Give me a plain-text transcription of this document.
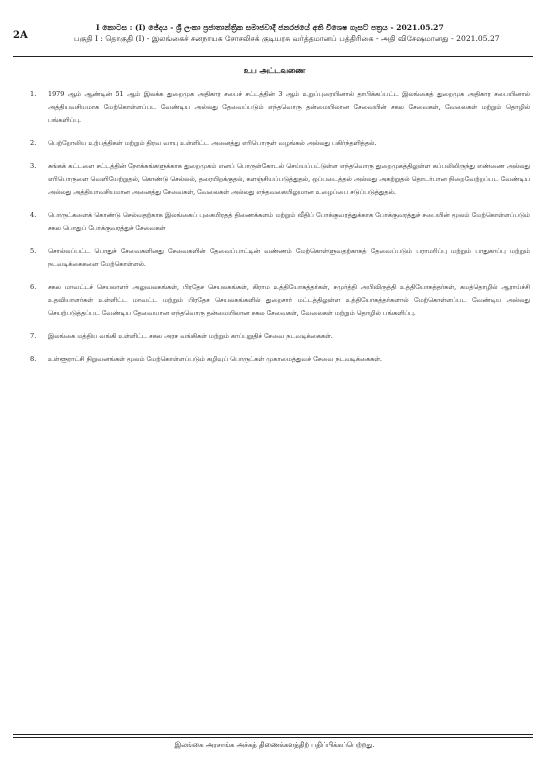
2A
I කොටස : (I) ඡේදය - ශ්‍රී ලංකා ප්‍රජාතාන්ත්‍රික සමාජවාදී ජනරජයේ අති විශෙෂ ගැසට් පත්‍රය - 2021.05.27
பகுதி I : தொகுதி (I) - இலங்கைச் சனநாயக சோசலிசக் குடியரசு வர்த்தமானப் பத்திரிகை - அதி விசேஷமானது - 2021.05.27
உப அட்டவணை
1. 1979 ஆம் ஆண்டின் 51 ஆம் இலக்க துறைமுக அதிகார சபைச் சட்டத்தின் 3 ஆம் உறுப்புரையினால் தாபிக்கப்பட்ட இலங்கைத் துறைமுக அதிகார சபையினால் அத்தியவசியமாக மேற்கொள்ளப்பட வேண்டிய அல்லது தேவைப்படும் எந்தவொரு தன்மையிலான சேவையின் சகல சேவைகள், வேலைகள் மற்றும் தொழில் பங்களிப்பு.
2. பெற்றோலிய உற்பத்திகள் மற்றும் திரவ வாயு உள்ளிட்ட அனைத்து எரிபொருள் வழங்கல் அல்லது பகிர்ந்தளித்தல்.
3. சுங்கக் கட்டளை சட்டத்தின் நோக்கங்களுக்காக துறைமுகம் எனப் பொருள்கோடல் செய்யப்பட்டுள்ள எந்தவொரு துறைமுகத்திலுள்ள கப்பலிலிருந்து எண்ணை அல்லது எரிபொருளை வெளியேற்றுதல், கொண்டு செல்லல், தரையிறக்குதல், களஞ்சியப்படுத்துதல், ஒப்படைத்தல் அல்லது அகற்றுதல் தொடர்பான நிறைவேற்றப்பட வேண்டிய அல்லது அத்தியாவசியமான அனைத்து சேவைகள், வேலைகள் அல்லது எந்தவகையிலுமான உழைப்பை சடுப்படுத்துதல்.
4. பொருட்களைக் கொண்டு செல்வதற்காக இலங்கைப் புகையிரதத் திணைக்களம் மற்றும் வீதிப் போக்குவரத்துக்காக போக்குவரத்துச் சபையின் மூலம் மேற்கொள்ளப்படும் சகல பொதுப் போக்குவரத்துச் சேவைகள்
5. சொல்லப்பட்ட பொதுச் சேவைகளினது சேவைகளின் தேவைப்பாட்டின் வண்ணம் மேற்கொள்ளுவதற்காகத் தேவைப்படும் பராமரிப்பு மற்றும் பாதுகாப்பு மற்றும் நடவடிக்கைகளை மேற்கொள்ளல்.
6. சகல மாவட்டச் செயலாளர் அலுவலகங்கள், பிரதேச செயலகங்கள், கிராம உத்தியோகத்தர்கள், சமுர்த்தி அபிவிருத்தி உத்தியோகத்தர்கள், கமத்தொழில் ஆராய்ச்சி உதவியாளர்கள் உள்ளிட்ட மாவட்ட மற்றும் பிரதேச செயலகங்களில் துறைசார் மட்டத்திலுள்ள உத்தியோகத்தர்களால் மேற்கொள்ளப்பட வேண்டிய அல்லது செயற்படுத்தப்பட வேண்டிய தேவையான எந்தவொரு தன்மையிலான சகல சேவைகள், வேலைகள் மற்றும் தொழில் பங்களிப்பு.
7. இலங்கை மத்திய வங்கி உள்ளிட்ட சகல அரச வங்கிகள் மற்றும் காப்புறுதிச் சேவை நடவடிக்கைகள்.
8. உள்ளூராட்சி நிறுவனங்கள் மூலம் மேற்கொள்ளப்படும் கழிவுப் பொருட்கள் முகாமைத்துவச் சேவை நடவடிக்கைகள்.
இலங்கை அரசாங்க அச்சுத் திணைக்களத்திற் பதிப்பிக்கப்பெற்றது.
